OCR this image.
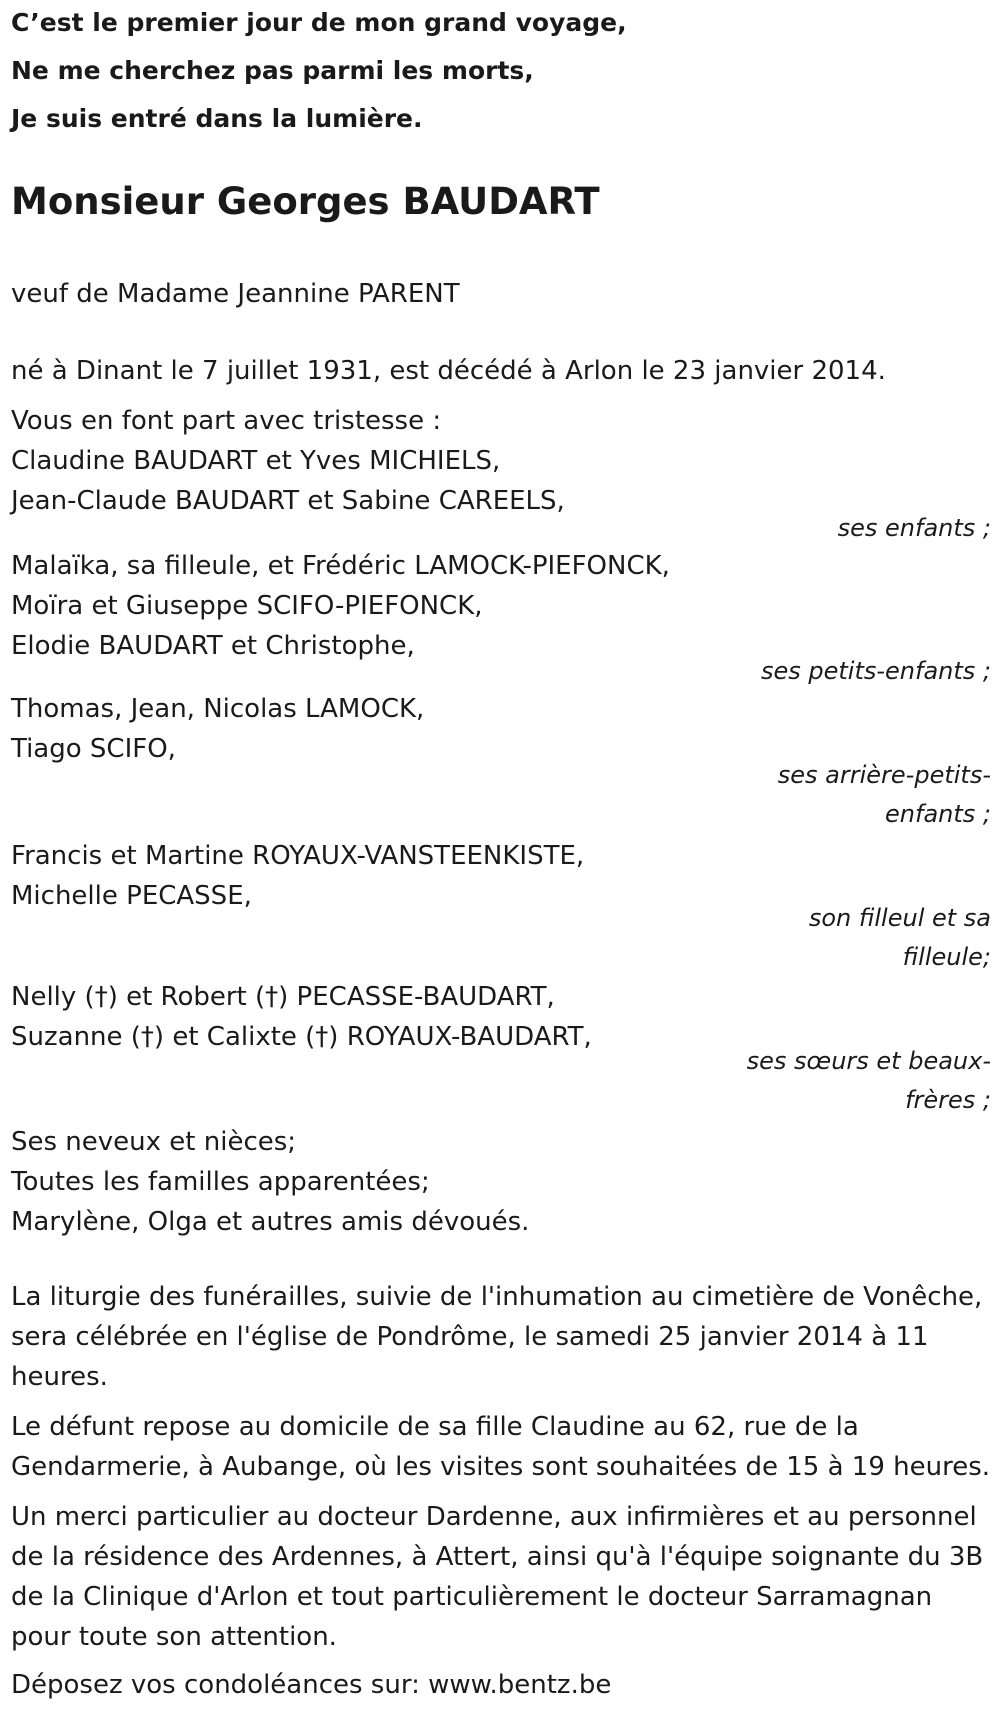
C’est le premier jour de mon grand voyage,
Ne me cherchez pas parmi les morts,
Je suis entré dans la lumière.
Monsieur Georges BAUDART
veuf de Madame Jeannine PARENT
né à Dinant le 7 juillet 1931, est décédé à Arlon le 23 janvier 2014.
Vous en font part avec tristesse :
Claudine BAUDART et Yves MICHIELS,
Jean-Claude BAUDART et Sabine CAREELS,
ses enfants ;
Malaïka, sa filleule, et Frédéric LAMOCK-PIEFONCK,
Moïra et Giuseppe SCIFO-PIEFONCK,
Elodie BAUDART et Christophe,
ses petits-enfants ;
Thomas, Jean, Nicolas LAMOCK,
Tiago SCIFO,
ses arrière-petits-
enfants ;
Francis et Martine ROYAUX-VANSTEENKISTE,
Michelle PECASSE,
son filleul et sa
filleule;
Nelly (†) et Robert (†) PECASSE-BAUDART,
Suzanne (†) et Calixte (†) ROYAUX-BAUDART,
ses sœurs et beaux-
frères ;
Ses neveux et nièces;
Toutes les familles apparentées;
Marylène, Olga et autres amis dévoués.
La liturgie des funérailles, suivie de l'inhumation au cimetière de Vonêche, sera célébrée en l'église de Pondrôme, le samedi 25 janvier 2014 à 11 heures.
Le défunt repose au domicile de sa fille Claudine au 62, rue de la Gendarmerie, à Aubange, où les visites sont souhaitées de 15 à 19 heures.
Un merci particulier au docteur Dardenne, aux infirmières et au personnel de la résidence des Ardennes, à Attert, ainsi qu'à l'équipe soignante du 3B de la Clinique d'Arlon et tout particulièrement le docteur Sarramagnan pour toute son attention.
Déposez vos condoléances sur: www.bentz.be
